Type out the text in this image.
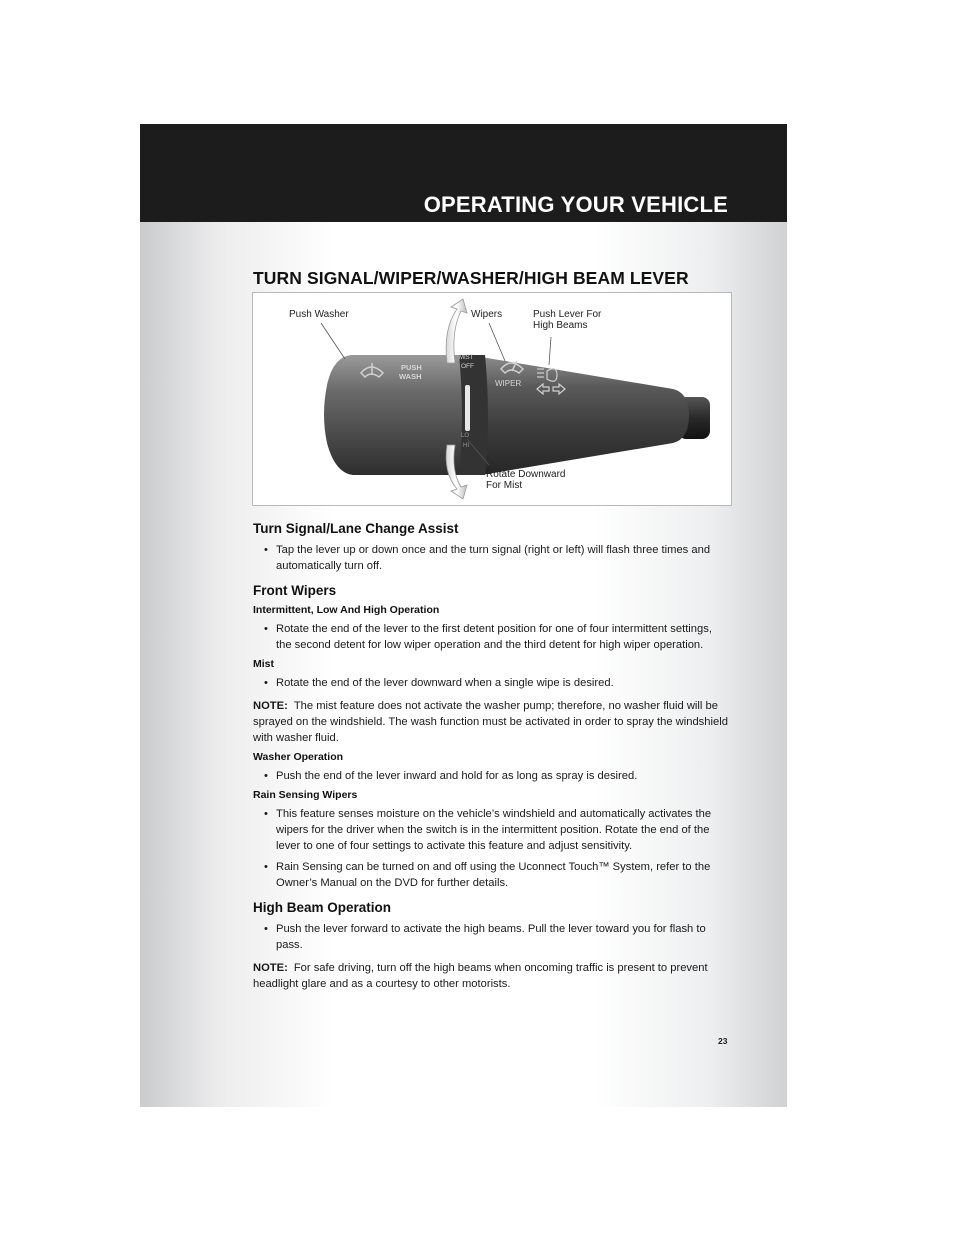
OPERATING YOUR VEHICLE
TURN SIGNAL/WIPER/WASHER/HIGH BEAM LEVER
PUSH
WASH
MIST
OFF
WIPER
LO
HI
Push Washer	Wipers	Push Lever For
High Beams
Rotate Downward
For Mist
Turn Signal/Lane Change Assist
• Tap the lever up or down once and the turn signal (right or left) will flash three times and automatically turn off.
Front Wipers
Intermittent, Low And High Operation
• Rotate the end of the lever to the first detent position for one of four intermittent settings, the second detent for low wiper operation and the third detent for high wiper operation.
Mist
• Rotate the end of the lever downward when a single wipe is desired.
NOTE: The mist feature does not activate the washer pump; therefore, no washer fluid will be sprayed on the windshield. The wash function must be activated in order to spray the windshield with washer fluid.
Washer Operation
• Push the end of the lever inward and hold for as long as spray is desired.
Rain Sensing Wipers
• This feature senses moisture on the vehicle’s windshield and automatically activates the wipers for the driver when the switch is in the intermittent position. Rotate the end of the lever to one of four settings to activate this feature and adjust sensitivity.
• Rain Sensing can be turned on and off using the Uconnect Touch™ System, refer to the Owner’s Manual on the DVD for further details.
High Beam Operation
• Push the lever forward to activate the high beams. Pull the lever toward you for flash to pass.
NOTE: For safe driving, turn off the high beams when oncoming traffic is present to prevent headlight glare and as a courtesy to other motorists.
23
